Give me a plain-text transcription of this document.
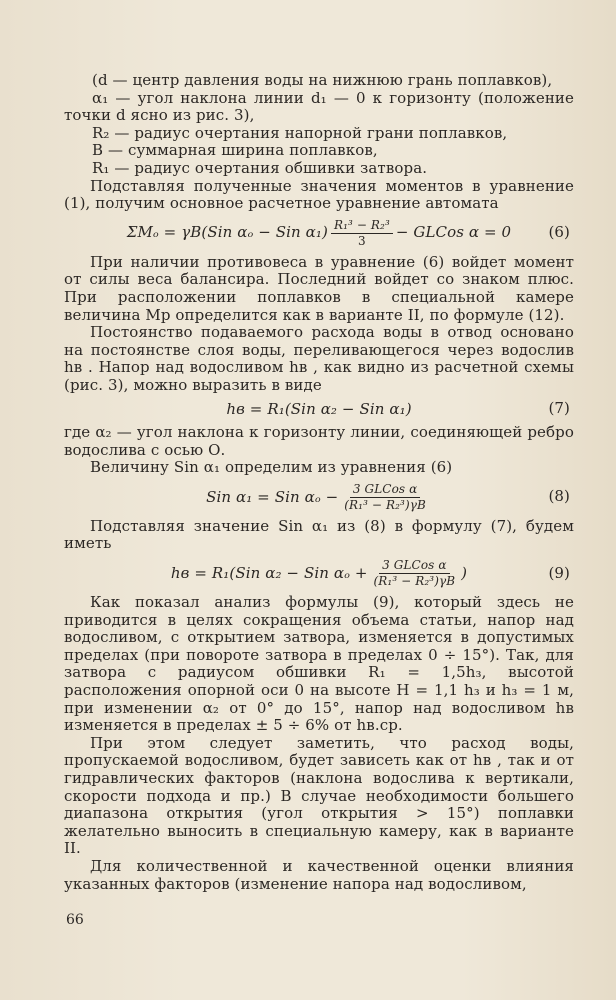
(d — центр давления воды на нижнюю грань поплавков),

α₁ — угол наклона линии d₁ — 0 к горизонту (положение точки d ясно из рис. 3),

R₂ — радиус очертания напорной грани поплавков,

B — суммарная ширина поплавков,

R₁ — радиус очертания обшивки затвора.

Подставляя полученные значения моментов в уравнение (1), получим основное расчетное уравнение автомата

ΣMₒ = γB(Sin αₒ − Sin $\alpha_1) \frac{\text{R₁³ − R₂³}}{3}$ − GLCos α = 0 (6)

При наличии противовеса в уравнение (6) войдет момент от силы веса балансира. Последний войдет со знаком плюс. При расположении поплавков в специальной камере величина Mр определится как в варианте II, по формуле (12).

Постоянство подаваемого расхода воды в отвод основано на постоянстве слоя воды, переливающегося через водослив hв . Напор над водосливом hв , как видно из расчетной схемы (рис. 3), можно выразить в виде

hв = R₁(Sin α₂ − Sin α₁)	(7)

где α₂ — угол наклона к горизонту линии, соединяющей ребро водослива с осью О.

Величину Sin α₁ определим из уравнения (6)

Sin α₁ = Sin αₒ − 3 GLCos α
(R₁³ − R₂³)γB	(8)

Подставляя значение Sin α₁ из (8) в формулу (7), будем иметь

hв = R₁(Sin α₂ − Sin αₒ + 3 GLCos α
(R₁³ − R₂³)γB )	(9)

Как показал анализ формулы (9), который здесь не приводится в целях сокращения объема статьи, напор над водосливом, с открытием затвора, изменяется в допустимых пределах (при повороте затвора в пределах 0 ÷ 15°). Так, для затвора с радиусом обшивки R₁ = 1,5h₃, высотой расположения опорной оси 0 на высоте H = 1,1 h₃ и h₃ = 1 м, при изменении α₂ от 0° до 15°, напор над водосливом hв изменяется в пределах ± 5 ÷ 6% от hв.ср.

При этом следует заметить, что расход воды, пропускаемой водосливом, будет зависеть как от hв , так и от гидравлических факторов (наклона водослива к вертикали, скорости подхода и пр.) В случае необходимости большего диапазона открытия (угол открытия > 15°) поплавки желательно выносить в специальную камеру, как в варианте II.

Для количественной и качественной оценки влияния указанных факторов (изменение напора над водосливом,

66
